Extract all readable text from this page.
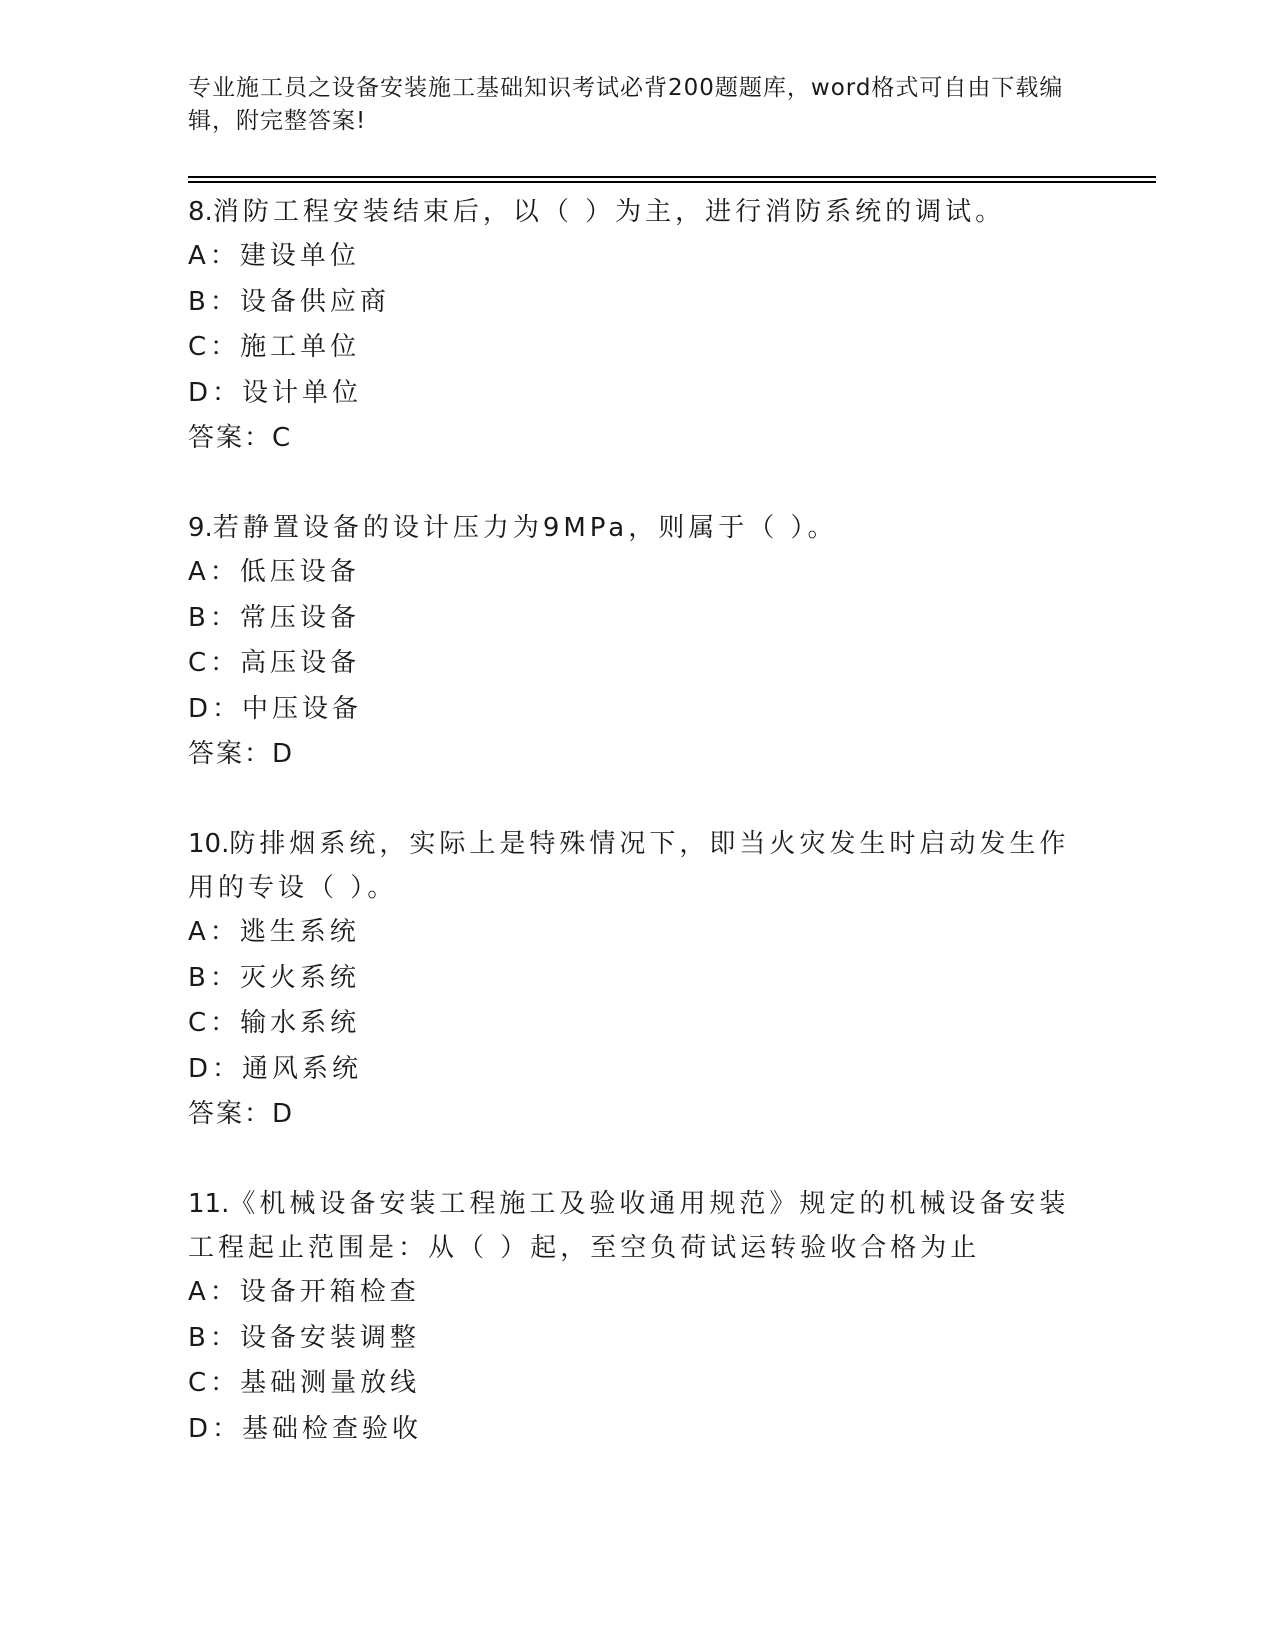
专业施工员之设备安装施工基础知识考试必背200题题库，word格式可自由下载编辑，附完整答案!

8.消防工程安装结束后，以（ ）为主，进行消防系统的调试。

A：建设单位

B：设备供应商

C：施工单位

D：设计单位

答案：C

9.若静置设备的设计压力为9MPa，则属于（ ）。

A：低压设备

B：常压设备

C：高压设备

D：中压设备

答案：D

10.防排烟系统，实际上是特殊情况下，即当火灾发生时启动发生作用的专设（ ）。

A：逃生系统

B：灭火系统

C：输水系统

D：通风系统

答案：D

11.《机械设备安装工程施工及验收通用规范》规定的机械设备安装工程起止范围是：从（ ）起，至空负荷试运转验收合格为止

A：设备开箱检查

B：设备安装调整

C：基础测量放线

D：基础检查验收
